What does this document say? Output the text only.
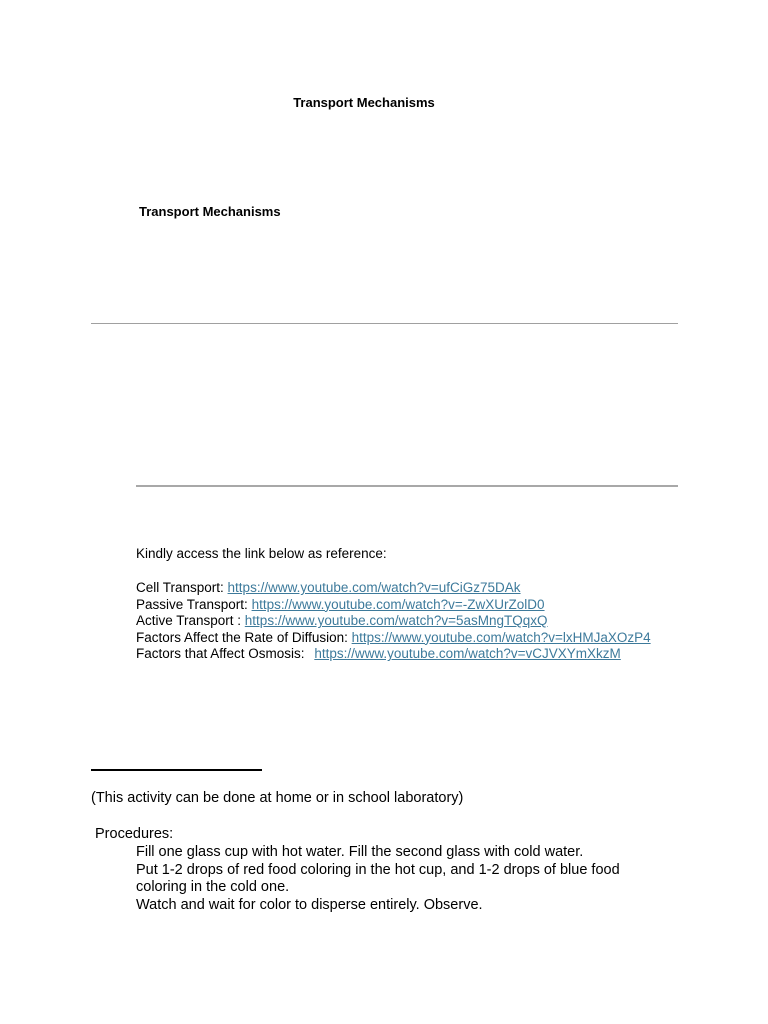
Transport Mechanisms
Transport Mechanisms
Kindly access the link below as reference:
Cell Transport: https://www.youtube.com/watch?v=ufCiGz75DAk
Passive Transport: https://www.youtube.com/watch?v=-ZwXUrZolD0
Active Transport : https://www.youtube.com/watch?v=5asMngTQqxQ
Factors Affect the Rate of Diffusion: https://www.youtube.com/watch?v=lxHMJaXOzP4
Factors that Affect Osmosis: https://www.youtube.com/watch?v=vCJVXYmXkzM
(This activity can be done at home or in school laboratory)
Procedures:
Fill one glass cup with hot water. Fill the second glass with cold water.
Put 1-2 drops of red food coloring in the hot cup, and 1-2 drops of blue food coloring in the cold one.
Watch and wait for color to disperse entirely. Observe.
